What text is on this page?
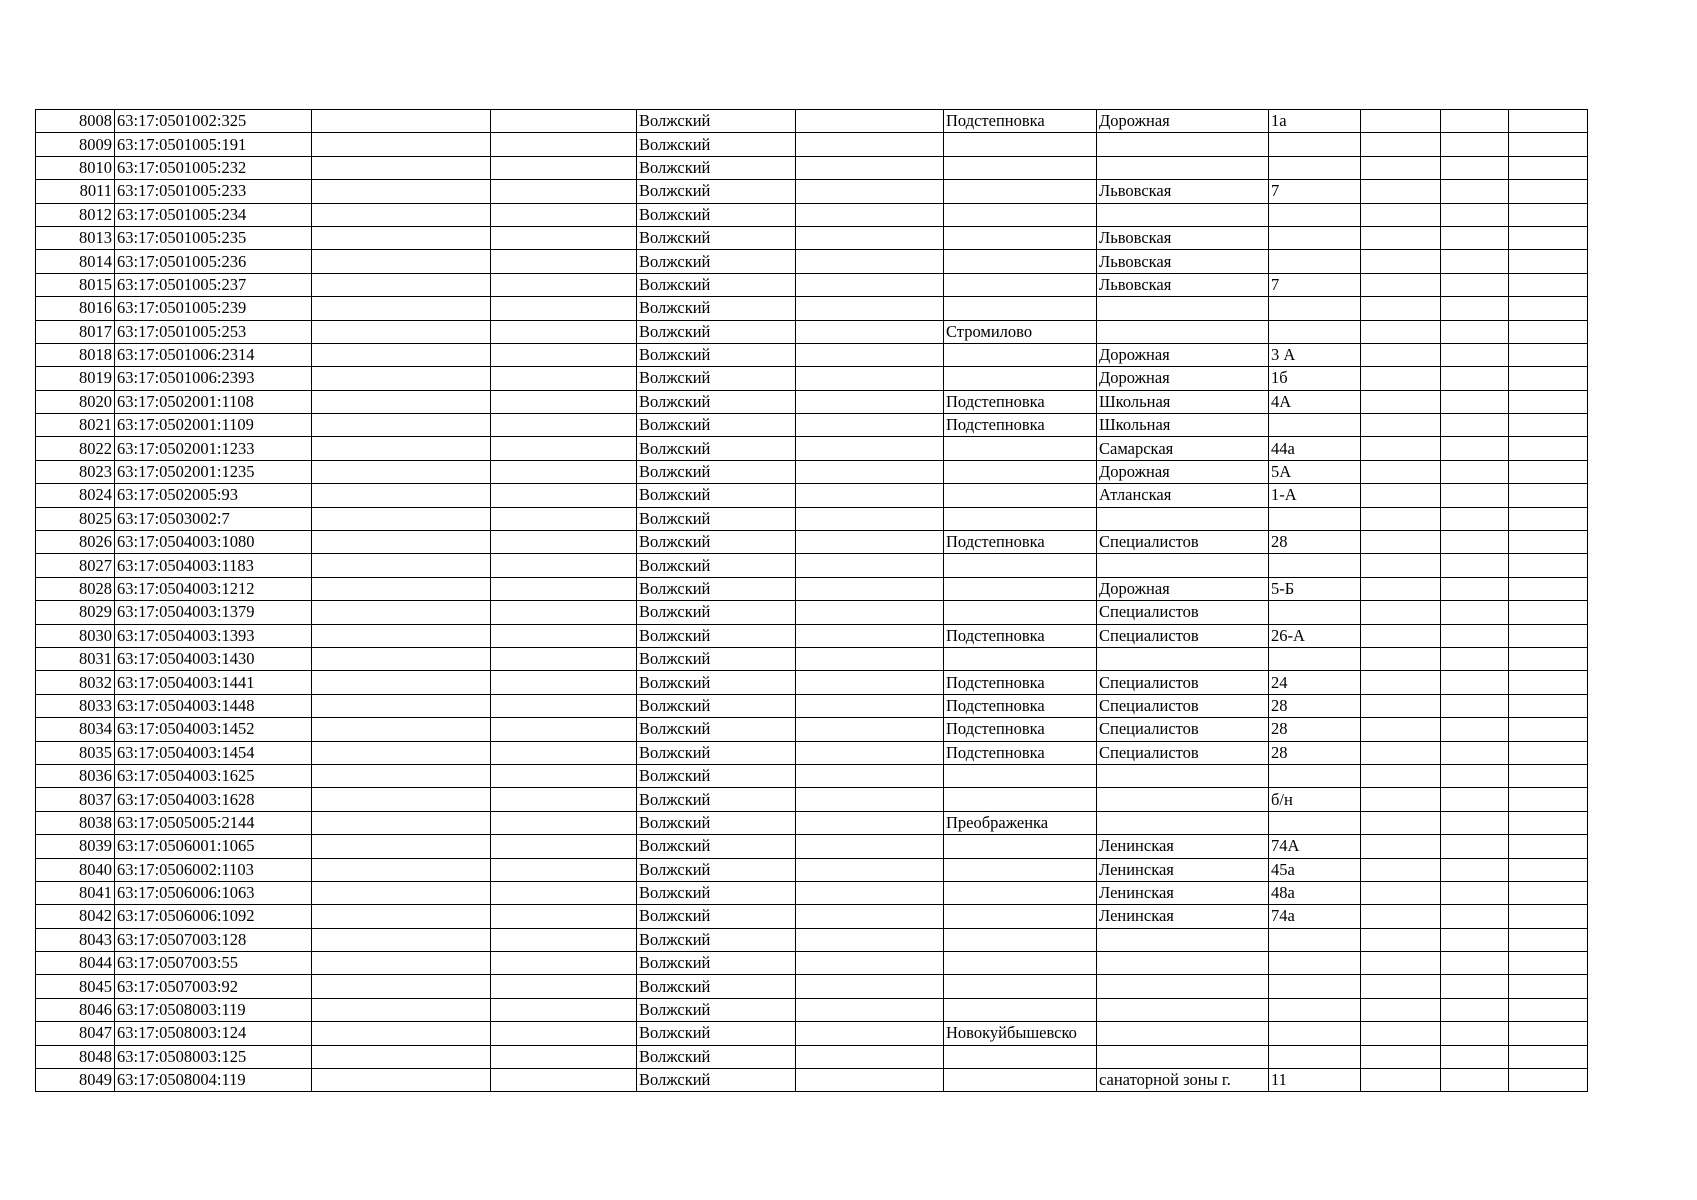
8008	63:17:0501002:325			Волжский		Подстепновка	Дорожная	1а			
8009	63:17:0501005:191			Волжский							
8010	63:17:0501005:232			Волжский							
8011	63:17:0501005:233			Волжский			Львовская	7			
8012	63:17:0501005:234			Волжский							
8013	63:17:0501005:235			Волжский			Львовская				
8014	63:17:0501005:236			Волжский			Львовская				
8015	63:17:0501005:237			Волжский			Львовская	7			
8016	63:17:0501005:239			Волжский							
8017	63:17:0501005:253			Волжский		Стромилово					
8018	63:17:0501006:2314			Волжский			Дорожная	3 А			
8019	63:17:0501006:2393			Волжский			Дорожная	1б			
8020	63:17:0502001:1108			Волжский		Подстепновка	Школьная	4А			
8021	63:17:0502001:1109			Волжский		Подстепновка	Школьная				
8022	63:17:0502001:1233			Волжский			Самарская	44а			
8023	63:17:0502001:1235			Волжский			Дорожная	5А			
8024	63:17:0502005:93			Волжский			Атланская	1-А			
8025	63:17:0503002:7			Волжский							
8026	63:17:0504003:1080			Волжский		Подстепновка	Специалистов	28			
8027	63:17:0504003:1183			Волжский							
8028	63:17:0504003:1212			Волжский			Дорожная	5-Б			
8029	63:17:0504003:1379			Волжский			Специалистов				
8030	63:17:0504003:1393			Волжский		Подстепновка	Специалистов	26-А			
8031	63:17:0504003:1430			Волжский							
8032	63:17:0504003:1441			Волжский		Подстепновка	Специалистов	24			
8033	63:17:0504003:1448			Волжский		Подстепновка	Специалистов	28			
8034	63:17:0504003:1452			Волжский		Подстепновка	Специалистов	28			
8035	63:17:0504003:1454			Волжский		Подстепновка	Специалистов	28			
8036	63:17:0504003:1625			Волжский							
8037	63:17:0504003:1628			Волжский				б/н			
8038	63:17:0505005:2144			Волжский		Преображенка					
8039	63:17:0506001:1065			Волжский			Ленинская	74А			
8040	63:17:0506002:1103			Волжский			Ленинская	45а			
8041	63:17:0506006:1063			Волжский			Ленинская	48а			
8042	63:17:0506006:1092			Волжский			Ленинская	74а			
8043	63:17:0507003:128			Волжский							
8044	63:17:0507003:55			Волжский							
8045	63:17:0507003:92			Волжский							
8046	63:17:0508003:119			Волжский							
8047	63:17:0508003:124			Волжский		Новокуйбышевско					
8048	63:17:0508003:125			Волжский							
8049	63:17:0508004:119			Волжский			санаторной зоны г.	11			
